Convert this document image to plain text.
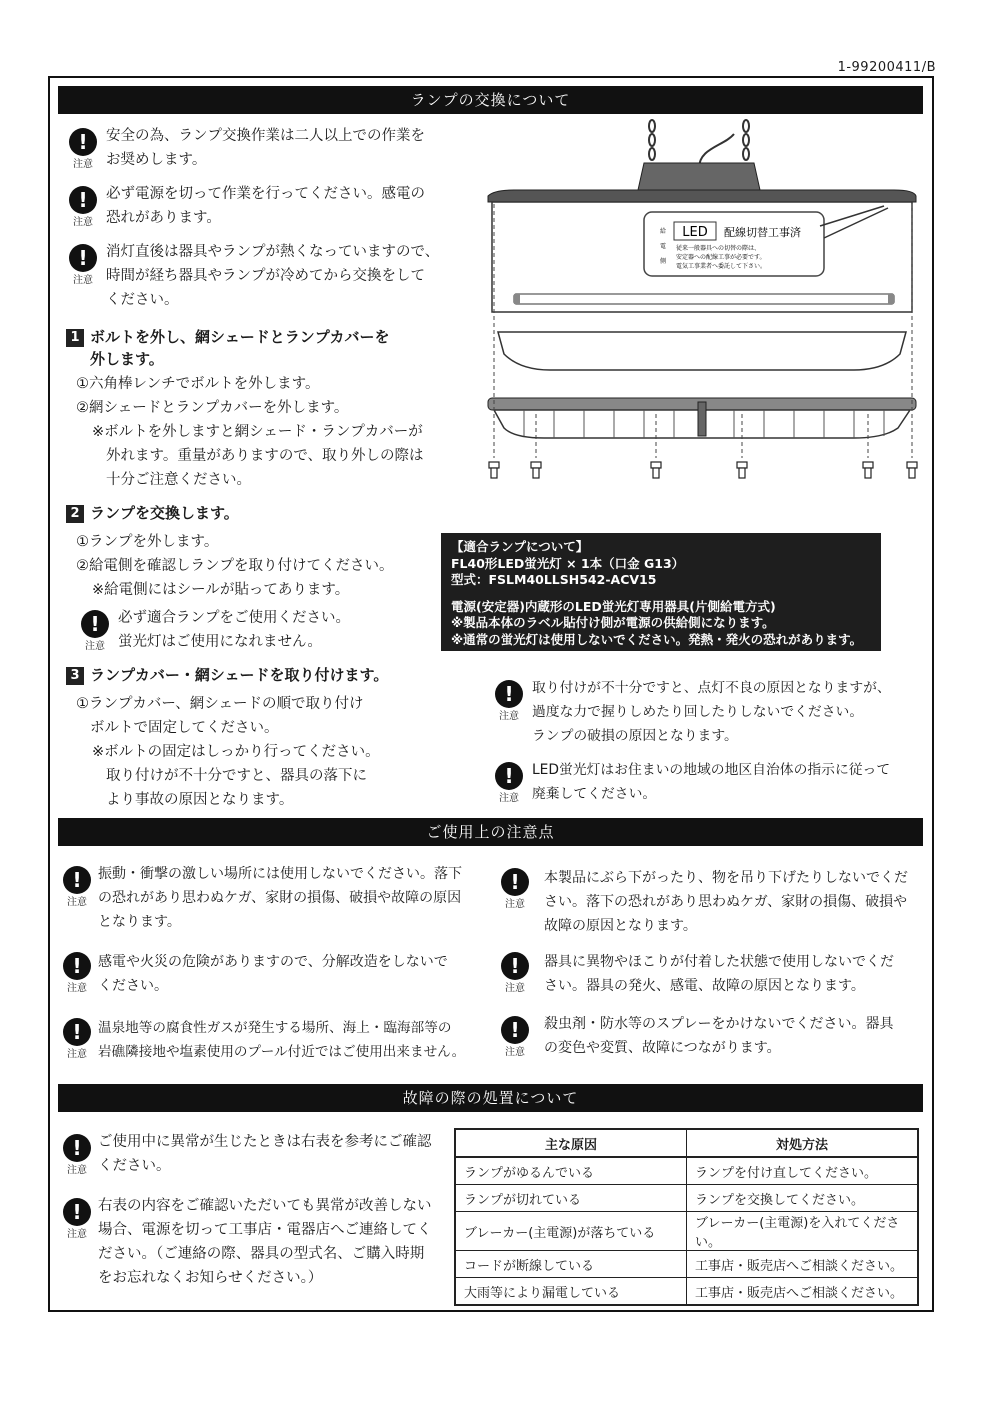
1-99200411/B
ランプの交換について
!
注意
安全の為、ランプ交換作業は二人以上での作業を
お奨めします。
!
注意
必ず電源を切って作業を行ってください。感電の
恐れがあります。
!
注意
消灯直後は器具やランプが熱くなっていますので、
時間が経ち器具やランプが冷めてから交換をして
ください。
1 ボルトを外し、網シェードとランプカバーを
外します。
①六角棒レンチでボルトを外します。
②網シェードとランプカバーを外します。
※ボルトを外しますと網シェード・ランプカバーが
外れます。重量がありますので、取り外しの際は
十分ご注意ください。
2 ランプを交換します。
①ランプを外します。
②給電側を確認しランプを取り付けてください。
※給電側にはシールが貼ってあります。
!
注意
必ず適合ランプをご使用ください。
蛍光灯はご使用になれません。
3 ランプカバー・網シェードを取り付けます。
①ランプカバー、網シェードの順で取り付け
ボルトで固定してください。
※ボルトの固定はしっかり行ってください。
取り付けが不十分ですと、器具の落下に
より事故の原因となります。
LED 配線切替工事済
給
電
側
従来一般器具への切替の際は、
安定器への配線工事が必要です。
電気工事業者へ委託して下さい。
【適合ランプについて】
FL40形LED蛍光灯 × 1本（口金 G13）
型式：FSLM40LLSH542-ACV15
電源(安定器)内蔵形のLED蛍光灯専用器具(片側給電方式)
※製品本体のラベル貼付け側が電源の供給側になります。
※通常の蛍光灯は使用しないでください。発熱・発火の恐れがあります。
!
注意
取り付けが不十分ですと、点灯不良の原因となりますが、
過度な力で握りしめたり回したりしないでください。
ランプの破損の原因となります。
!
注意
LED蛍光灯はお住まいの地域の地区自治体の指示に従って
廃棄してください。
ご使用上の注意点
!
注意
振動・衝撃の激しい場所には使用しないでください。落下
の恐れがあり思わぬケガ、家財の損傷、破損や故障の原因
となります。
!
注意
感電や火災の危険がありますので、分解改造をしないで
ください。
!
注意
温泉地等の腐食性ガスが発生する場所、海上・臨海部等の
岩礁隣接地や塩素使用のプール付近ではご使用出来ません。
!
注意
本製品にぶら下がったり、物を吊り下げたりしないでくだ
さい。落下の恐れがあり思わぬケガ、家財の損傷、破損や
故障の原因となります。
!
注意
器具に異物やほこりが付着した状態で使用しないでくだ
さい。器具の発火、感電、故障の原因となります。
!
注意
殺虫剤・防水等のスプレーをかけないでください。器具
の変色や変質、故障につながります。
故障の際の処置について
!
注意
ご使用中に異常が生じたときは右表を参考にご確認
ください。
!
注意
右表の内容をご確認いただいても異常が改善しない
場合、電源を切って工事店・電器店へご連絡してく
ださい。（ご連絡の際、器具の型式名、ご購入時期
をお忘れなくお知らせください。）
主な原因	対処方法
ランプがゆるんでいる	ランプを付け直してください。
ランプが切れている	ランプを交換してください。
ブレーカー(主電源)が落ちている	ブレーカー(主電源)を入れてください。
コードが断線している	工事店・販売店へご相談ください。
大雨等により漏電している	工事店・販売店へご相談ください。
